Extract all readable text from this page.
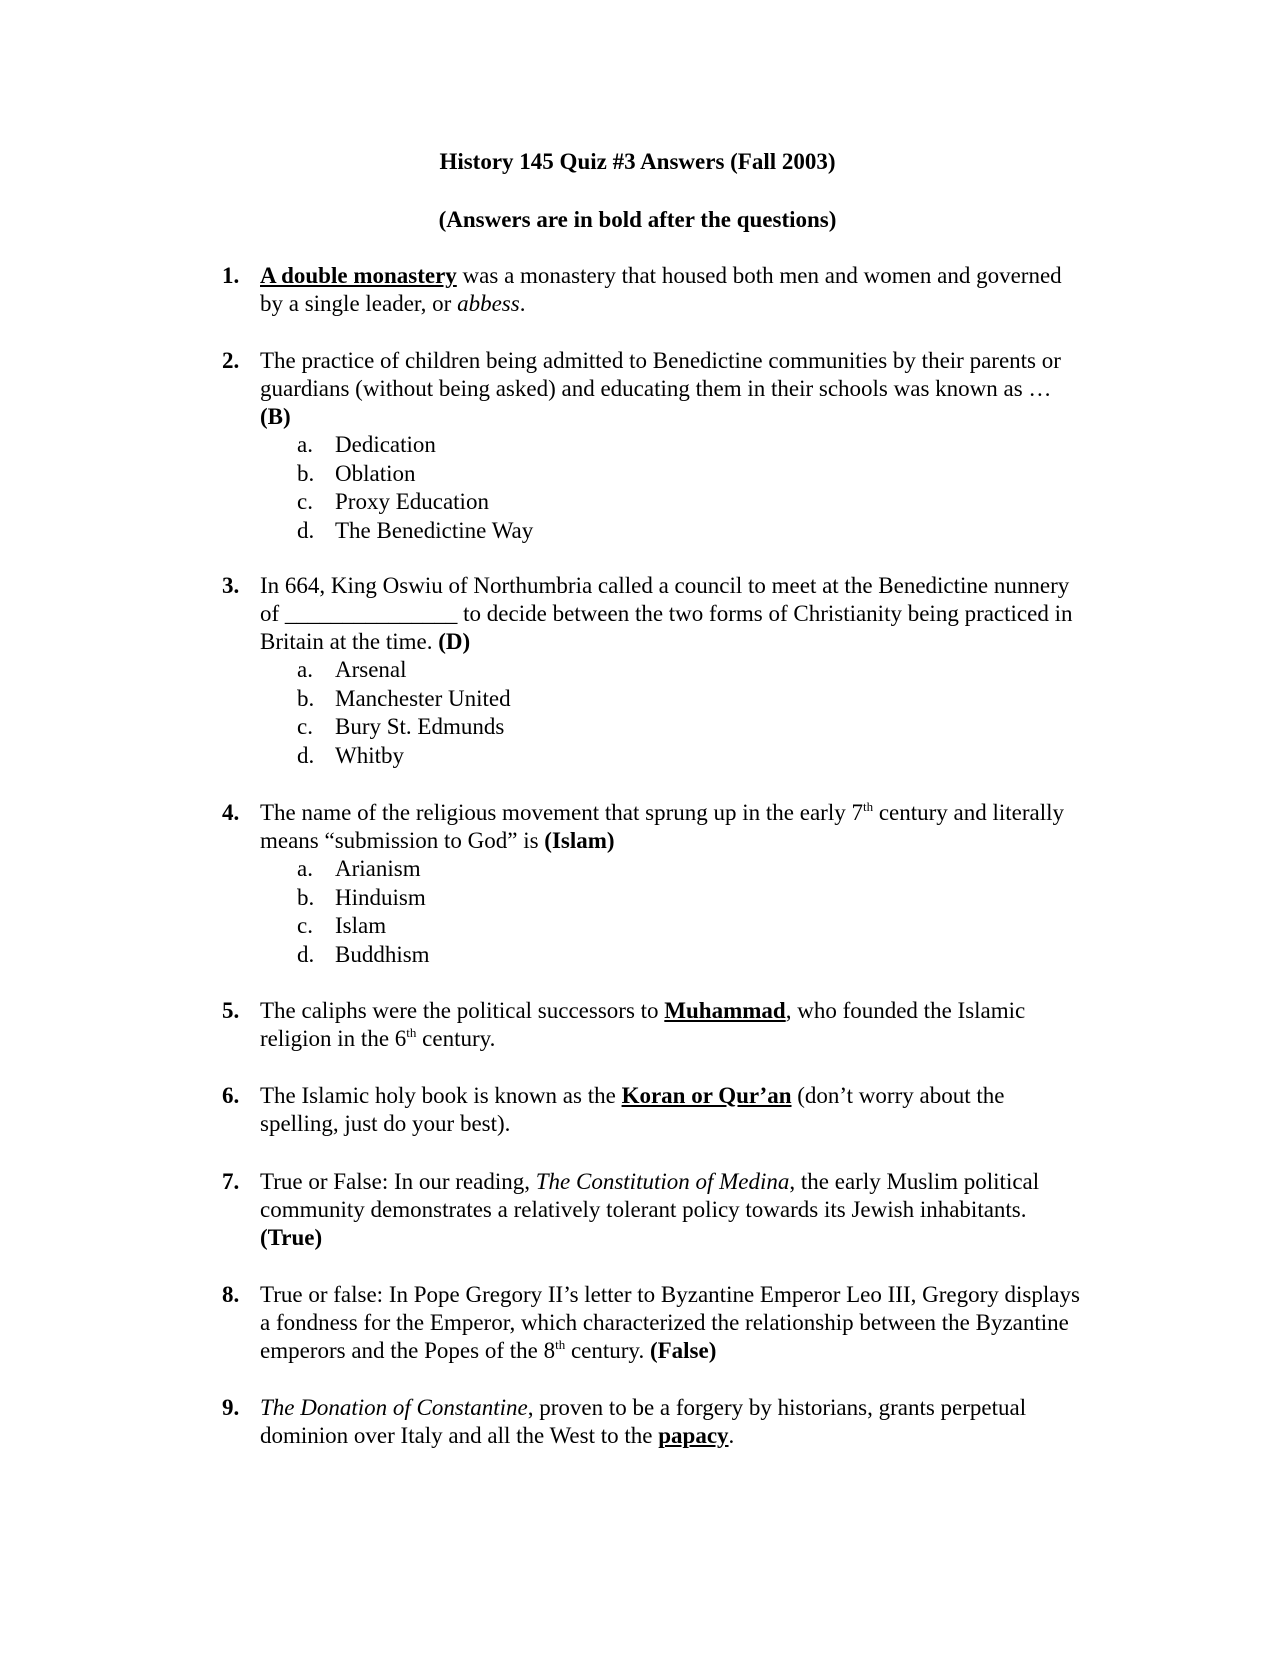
History 145 Quiz #3 Answers (Fall 2003)
(Answers are in bold after the questions)
1. A double monastery was a monastery that housed both men and women and governed by a single leader, or abbess.
2. The practice of children being admitted to Benedictine communities by their parents or guardians (without being asked) and educating them in their schools was known as … (B)
a. Dedication
b. Oblation
c. Proxy Education
d. The Benedictine Way
3. In 664, King Oswiu of Northumbria called a council to meet at the Benedictine nunnery of _______________ to decide between the two forms of Christianity being practiced in Britain at the time. (D)
a. Arsenal
b. Manchester United
c. Bury St. Edmunds
d. Whitby
4. The name of the religious movement that sprung up in the early 7th century and literally means “submission to God” is (Islam)
a. Arianism
b. Hinduism
c. Islam
d. Buddhism
5. The caliphs were the political successors to Muhammad, who founded the Islamic religion in the 6th century.
6. The Islamic holy book is known as the Koran or Qur’an (don’t worry about the spelling, just do your best).
7. True or False: In our reading, The Constitution of Medina, the early Muslim political community demonstrates a relatively tolerant policy towards its Jewish inhabitants. (True)
8. True or false: In Pope Gregory II’s letter to Byzantine Emperor Leo III, Gregory displays a fondness for the Emperor, which characterized the relationship between the Byzantine emperors and the Popes of the 8th century. (False)
9. The Donation of Constantine, proven to be a forgery by historians, grants perpetual dominion over Italy and all the West to the papacy.
